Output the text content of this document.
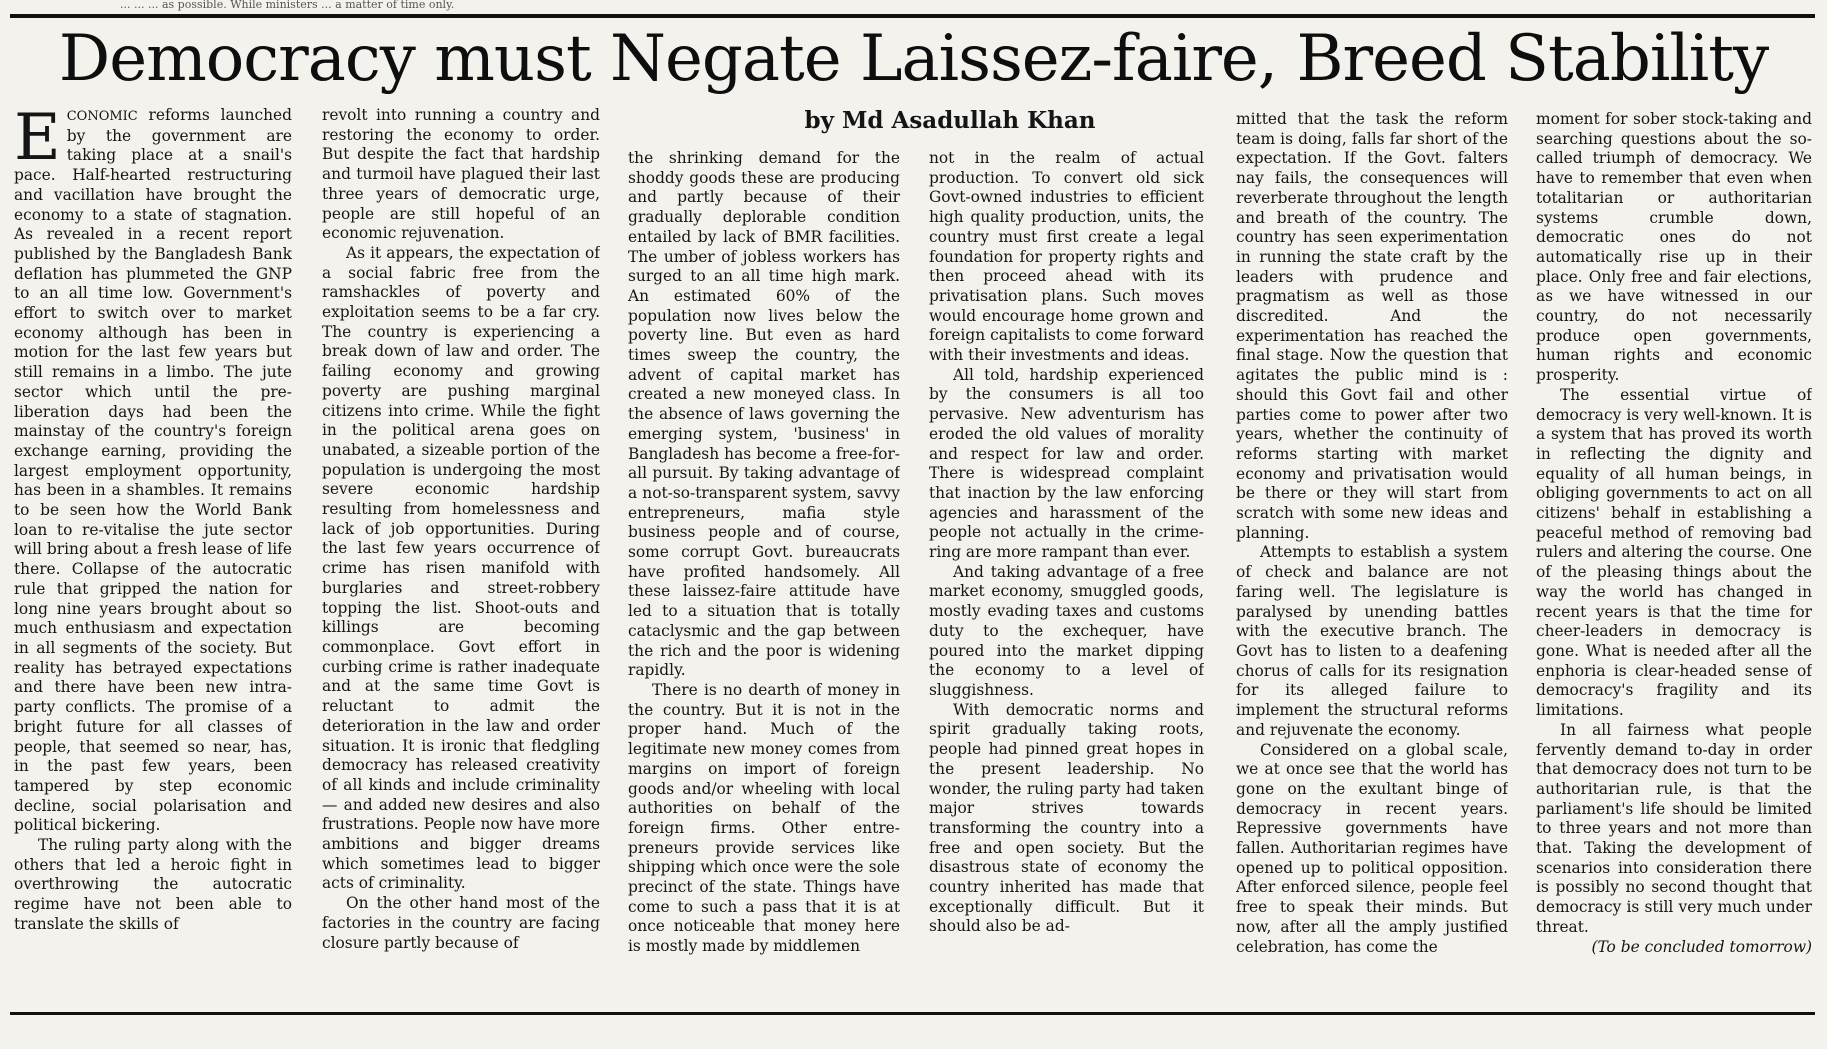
... ... ... as possible. While ministers ... a matter of time only.
Democracy must Negate Laissez-faire, Breed Stability
by Md Asadullah Khan

ECONOMIC reforms launched by the government are taking place at a snail's pace. Half-hearted restructuring and vacillation have brought the economy to a state of stagnation. As revealed in a recent report published by the Bangladesh Bank deflation has plummeted the GNP to an all time low. Government's effort to switch over to market economy although has been in motion for the last few years but still remains in a limbo. The jute sector which until the pre-liberation days had been the mainstay of the country's foreign exchange earning, providing the largest employment opportunity, has been in a shambles. It remains to be seen how the World Bank loan to re-vitalise the jute sector will bring about a fresh lease of life there. Collapse of the autocratic rule that gripped the nation for long nine years brought about so much enthusiasm and expectation in all segments of the society. But reality has betrayed expectations and there have been new intra-party conflicts. The promise of a bright future for all classes of people, that seemed so near, has, in the past few years, been tampered by step economic decline, social polarisation and political bickering.

The ruling party along with the others that led a heroic fight in overthrowing the autocratic regime have not been able to translate the skills of

revolt into running a country and restoring the economy to order. But despite the fact that hardship and turmoil have plagued their last three years of democratic urge, people are still hopeful of an economic rejuvenation.

As it appears, the expectation of a social fabric free from the ramshackles of poverty and exploitation seems to be a far cry. The country is experiencing a break down of law and order. The failing economy and growing poverty are pushing marginal citizens into crime. While the fight in the political arena goes on unabated, a sizeable portion of the population is undergoing the most severe economic hardship resulting from homelessness and lack of job opportunities. During the last few years occurrence of crime has risen manifold with burglaries and street-robbery topping the list. Shoot-outs and killings are becoming commonplace. Govt effort in curbing crime is rather inadequate and at the same time Govt is reluctant to admit the deterioration in the law and order situation. It is ironic that fledgling democracy has released creativity of all kinds and include criminality — and added new desires and also frustrations. People now have more ambitions and bigger dreams which sometimes lead to bigger acts of criminality.

On the other hand most of the factories in the country are facing closure partly because of

the shrinking demand for the shoddy goods these are producing and partly because of their gradually deplorable condition entailed by lack of BMR facilities. The umber of jobless workers has surged to an all time high mark. An estimated 60% of the population now lives below the poverty line. But even as hard times sweep the country, the advent of capital market has created a new moneyed class. In the absence of laws governing the emerging system, 'business' in Bangladesh has become a free-for-all pursuit. By taking advantage of a not-so-transparent system, savvy entrepreneurs, mafia style business people and of course, some corrupt Govt. bureaucrats have profited handsomely. All these laissez-faire attitude have led to a situation that is totally cataclysmic and the gap between the rich and the poor is widening rapidly.

There is no dearth of money in the country. But it is not in the proper hand. Much of the legitimate new money comes from margins on import of foreign goods and/or wheeling with local authorities on behalf of the foreign firms. Other entre-preneurs provide services like shipping which once were the sole precinct of the state. Things have come to such a pass that it is at once noticeable that money here is mostly made by middlemen

not in the realm of actual production. To convert old sick Govt-owned industries to efficient high quality production, units, the country must first create a legal foundation for property rights and then proceed ahead with its privatisation plans. Such moves would encourage home grown and foreign capitalists to come forward with their investments and ideas.

All told, hardship experienced by the consumers is all too pervasive. New adventurism has eroded the old values of morality and respect for law and order. There is widespread complaint that inaction by the law enforcing agencies and harassment of the people not actually in the crime-ring are more rampant than ever.

And taking advantage of a free market economy, smuggled goods, mostly evading taxes and customs duty to the exchequer, have poured into the market dipping the economy to a level of sluggishness.

With democratic norms and spirit gradually taking roots, people had pinned great hopes in the present leadership. No wonder, the ruling party had taken major strives towards transforming the country into a free and open society. But the disastrous state of economy the country inherited has made that exceptionally difficult. But it should also be ad-

mitted that the task the reform team is doing, falls far short of the expectation. If the Govt. falters nay fails, the consequences will reverberate throughout the length and breath of the country. The country has seen experimentation in running the state craft by the leaders with prudence and pragmatism as well as those discredited. And the experimentation has reached the final stage. Now the question that agitates the public mind is : should this Govt fail and other parties come to power after two years, whether the continuity of reforms starting with market economy and privatisation would be there or they will start from scratch with some new ideas and planning.

Attempts to establish a system of check and balance are not faring well. The legislature is paralysed by unending battles with the executive branch. The Govt has to listen to a deafening chorus of calls for its resignation for its alleged failure to implement the structural reforms and rejuvenate the economy.

Considered on a global scale, we at once see that the world has gone on the exultant binge of democracy in recent years. Repressive governments have fallen. Authoritarian regimes have opened up to political opposition. After enforced silence, people feel free to speak their minds. But now, after all the amply justified celebration, has come the

moment for sober stock-taking and searching questions about the so-called triumph of democracy. We have to remember that even when totalitarian or authoritarian systems crumble down, democratic ones do not automatically rise up in their place. Only free and fair elections, as we have witnessed in our country, do not necessarily produce open governments, human rights and economic prosperity.

The essential virtue of democracy is very well-known. It is a system that has proved its worth in reflecting the dignity and equality of all human beings, in obliging governments to act on all citizens' behalf in establishing a peaceful method of removing bad rulers and altering the course. One of the pleasing things about the way the world has changed in recent years is that the time for cheer-leaders in democracy is gone. What is needed after all the enphoria is clear-headed sense of democracy's fragility and its limitations.

In all fairness what people fervently demand to-day in order that democracy does not turn to be authoritarian rule, is that the parliament's life should be limited to three years and not more than that. Taking the development of scenarios into consideration there is possibly no second thought that democracy is still very much under threat.

(To be concluded tomorrow)
